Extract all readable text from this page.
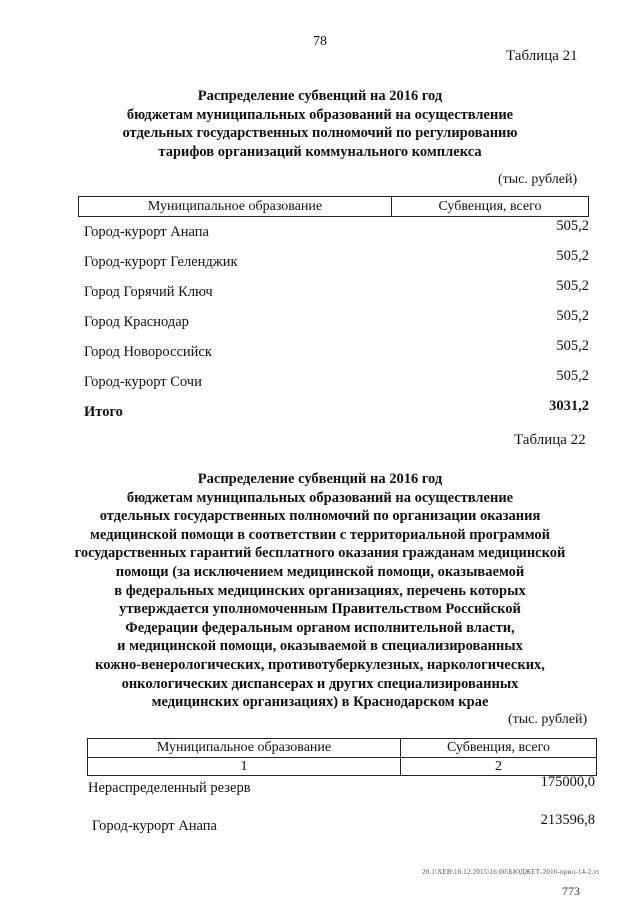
78
Таблица 21
Распределение субвенций на 2016 год
бюджетам муниципальных образований на осуществление
отдельных государственных полномочий по регулированию
тарифов организаций коммунального комплекса
(тыс. рублей)
Муниципальное образование	Субвенция, всего
Город-курорт Анапа	505,2
Город-курорт Геленджик	505,2
Город Горячий Ключ	505,2
Город Краснодар	505,2
Город Новороссийск	505,2
Город-курорт Сочи	505,2
Итого	3031,2
Таблица 22
Распределение субвенций на 2016 год
бюджетам муниципальных образований на осуществление
отдельных государственных полномочий по организации оказания
медицинской помощи в соответствии с территориальной программой
государственных гарантий бесплатного оказания гражданам медицинской
помощи (за исключением медицинской помощи, оказываемой
в федеральных медицинских организациях, перечень которых
утверждается уполномоченным Правительством Российской
Федерации федеральным органом исполнительной власти,
и медицинской помощи, оказываемой в специализированных
кожно-венерологических, противотуберкулезных, наркологических,
онкологических диспансерах и других специализированных
медицинских организациях) в Краснодарском крае
(тыс. рублей)
Муниципальное образование	Субвенция, всего
1	2
Нераспределенный резерв	175000,0
Город-курорт Анапа	213596,8
20.1\XEB\18.12.2015\16:00\БЮДЖЕТ-2016-прил-14-2.vt
773
